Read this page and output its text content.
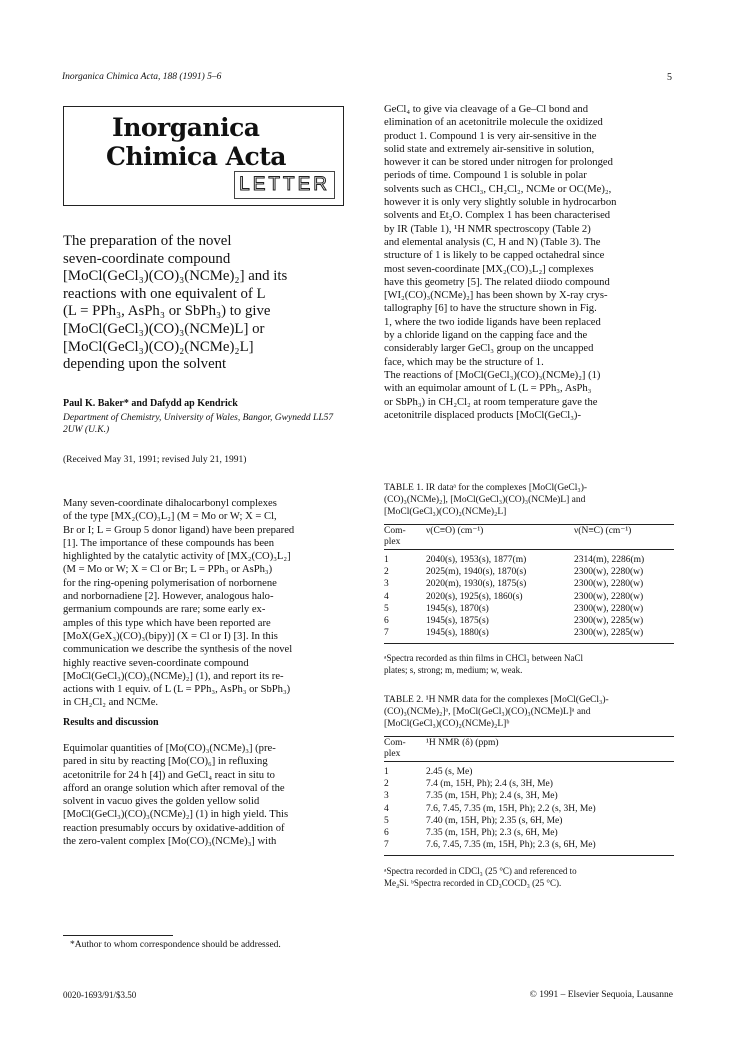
Inorganica Chimica Acta, 188 (1991) 5–6	5
Inorganica
Chimica Acta
LETTER
The preparation of the novel
seven-coordinate compound
[MoCl(GeCl₃)(CO)₃(NCMe)₂] and its
reactions with one equivalent of L
(L = PPh₃, AsPh₃ or SbPh₃) to give
[MoCl(GeCl₃)(CO)₃(NCMe)L] or
[MoCl(GeCl₃)(CO)₂(NCMe)₂L]
depending upon the solvent
Paul K. Baker* and Dafydd ap Kendrick
Department of Chemistry, University of Wales, Bangor, Gwynedd LL57 2UW (U.K.)
(Received May 31, 1991; revised July 21, 1991)

Many seven-coordinate dihalocarbonyl complexes
of the type [MX₂(CO)₃L₂] (M = Mo or W; X = Cl,
Br or I; L = Group 5 donor ligand) have been prepared
[1]. The importance of these compounds has been
highlighted by the catalytic activity of [MX₂(CO)₃L₂]
(M = Mo or W; X = Cl or Br; L = PPh₃ or AsPh₃)
for the ring-opening polymerisation of norbornene
and norbornadiene [2]. However, analogous halo-
germanium compounds are rare; some early ex-
amples of this type which have been reported are
[MoX(GeX₃)(CO)₃(bipy)] (X = Cl or I) [3]. In this
communication we describe the synthesis of the novel
highly reactive seven-coordinate compound
[MoCl(GeCl₃)(CO)₃(NCMe)₂] (1), and report its re-
actions with 1 equiv. of L (L = PPh₃, AsPh₃ or SbPh₃)
in CH₂Cl₂ and NCMe.

Results and discussion

Equimolar quantities of [Mo(CO)₃(NCMe)₃] (pre-
pared in situ by reacting [Mo(CO)₆] in refluxing
acetonitrile for 24 h [4]) and GeCl₄ react in situ to
afford an orange solution which after removal of the
solvent in vacuo gives the golden yellow solid
[MoCl(GeCl₃)(CO)₃(NCMe)₂] (1) in high yield. This
reaction presumably occurs by oxidative-addition of
the zero-valent complex [Mo(CO)₃(NCMe)₃] with

*Author to whom correspondence should be addressed.

GeCl₄ to give via cleavage of a Ge–Cl bond and
elimination of an acetonitrile molecule the oxidized
product 1. Compound 1 is very air-sensitive in the
solid state and extremely air-sensitive in solution,
however it can be stored under nitrogen for prolonged
periods of time. Compound 1 is soluble in polar
solvents such as CHCl₃, CH₂Cl₂, NCMe or OC(Me)₂,
however it is only very slightly soluble in hydrocarbon
solvents and Et₂O. Complex 1 has been characterised
by IR (Table 1), ¹H NMR spectroscopy (Table 2)
and elemental analysis (C, H and N) (Table 3). The
structure of 1 is likely to be capped octahedral since
most seven-coordinate [MX₂(CO)₃L₂] complexes
have this geometry [5]. The related diiodo compound
[WI₂(CO)₃(NCMe)₂] has been shown by X-ray crys-
tallography [6] to have the structure shown in Fig.
1, where the two iodide ligands have been replaced
by a chloride ligand on the capping face and the
considerably larger GeCl₃ group on the uncapped
face, which may be the structure of 1.
The reactions of [MoCl(GeCl₃)(CO)₃(NCMe)₂] (1)
with an equimolar amount of L (L = PPh₃, AsPh₃
or SbPh₃) in CH₂Cl₂ at room temperature gave the
acetonitrile displaced products [MoCl(GeCl₃)-

TABLE 1. IR dataᵃ for the complexes [MoCl(GeCl₃)-
(CO)₃(NCMe)₂], [MoCl(GeCl₃)(CO)₃(NCMe)L] and
[MoCl(GeCl₃)(CO)₂(NCMe)₂L]
Com-
plex	ν(C≡O) (cm⁻¹)	ν(N≡C) (cm⁻¹)
1	2040(s), 1953(s), 1877(m)	2314(m), 2286(m)
2	2025(m), 1940(s), 1870(s)	2300(w), 2280(w)
3	2020(m), 1930(s), 1875(s)	2300(w), 2280(w)
4	2020(s), 1925(s), 1860(s)	2300(w), 2280(w)
5	1945(s), 1870(s)	2300(w), 2280(w)
6	1945(s), 1875(s)	2300(w), 2285(w)
7	1945(s), 1880(s)	2300(w), 2285(w)
ᵃSpectra recorded as thin films in CHCl₃ between NaCl
plates; s, strong; m, medium; w, weak.
TABLE 2. ¹H NMR data for the complexes [MoCl(GeCl₃)-
(CO)₃(NCMe)₂]ᵃ, [MoCl(GeCl₃)(CO)₃(NCMe)L]ᵃ and
[MoCl(GeCl₃)(CO)₂(NCMe)₂L]ᵇ
Com-
plex	¹H NMR (δ) (ppm)
1	2.45 (s, Me)
2	7.4 (m, 15H, Ph); 2.4 (s, 3H, Me)
3	7.35 (m, 15H, Ph); 2.4 (s, 3H, Me)
4	7.6, 7.45, 7.35 (m, 15H, Ph); 2.2 (s, 3H, Me)
5	7.40 (m, 15H, Ph); 2.35 (s, 6H, Me)
6	7.35 (m, 15H, Ph); 2.3 (s, 6H, Me)
7	7.6, 7.45, 7.35 (m, 15H, Ph); 2.3 (s, 6H, Me)
ᵃSpectra recorded in CDCl₃ (25 °C) and referenced to
Me₄Si. ᵇSpectra recorded in CD₃COCD₃ (25 °C).
0020-1693/91/$3.50	© 1991 – Elsevier Sequoia, Lausanne
